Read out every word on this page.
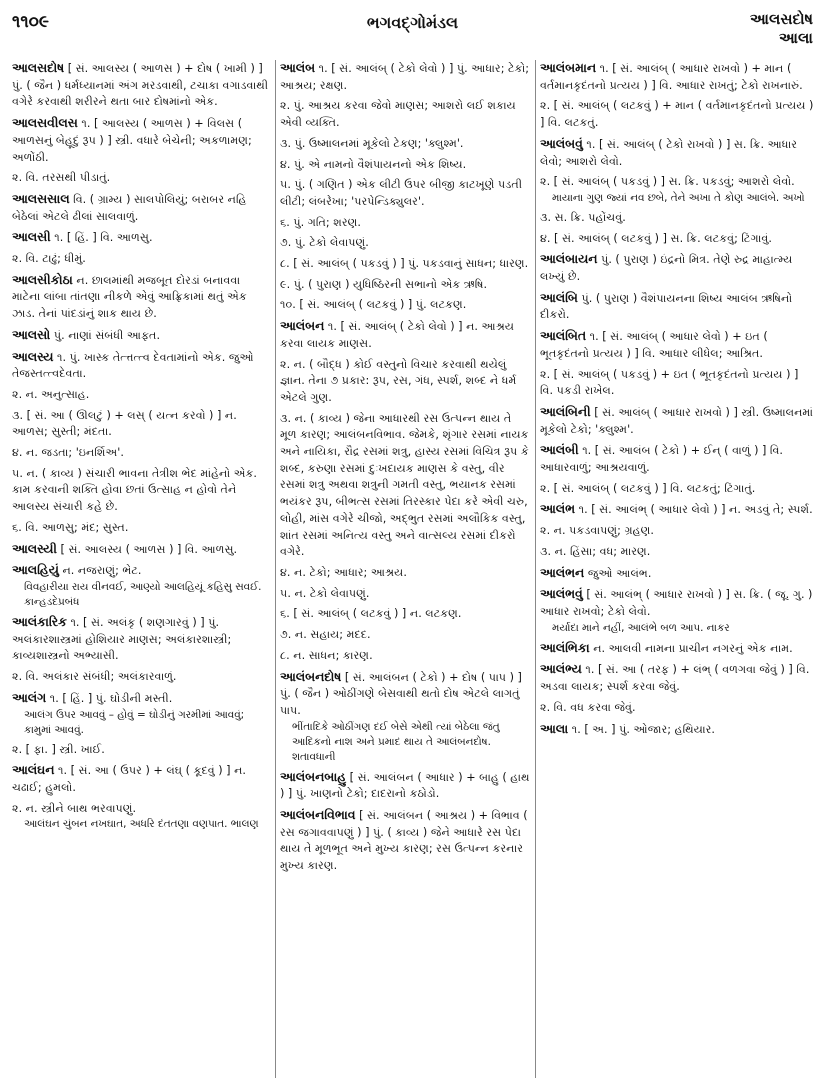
૧૧૦૯	ભગવદ્ગોમંડલ	આલસદોષ
આલા
આલસદોષ [ સં. આલસ્ય ( આળસ ) + દોષ ( ખામી ) ] પું. ( જૈન ) ધર્મધ્યાનમાં અંગ મરડવાથી, ટચાકા વગાડવાથી વગેરે કરવાથી શરીરને થતા બાર દોષમાંનો એક.
આલસવીલસ ૧. [ આલસ્ય ( આળસ ) + વિલસ ( આળસનું બેહૂદું રૂપ ) ] સ્ત્રી. વધારે બેચેની; અકળામણ; અળોંઠી.
૨. વિ. તરસથી પીડાતું.
આલસસાલ વિ. ( ગ્રામ્ય ) સાલપોલિયું; બરાબર નહિ બેઠેલાં એટલે ઢીલાં સાલવાળું.
આલસી ૧. [ હિં. ] વિ. આળસુ.
૨. વિ. ટાઢું; ધીમું.
આલસીકોઠા ન. છાલમાંથી મજબૂત દોરડાં બનાવવા માટેના લાંબા તાંતણા નીકળે એવું આફ્રિકામાં થતું એક ઝાડ. તેનાં પાંદડાંનું શાક થાય છે.
આલસો પું. નાણાં સંબંધી આફત.
આલસ્ય ૧. પું. ખાસ્ક તેત્ત્તત્ત્વ દેવતામાંનો એક. જુઓ તેજસ્તત્ત્વદેવતા.
૨. ન. અનુત્સાહ.
૩. [ સં. આ ( ઊલટું ) + લસ્ ( યત્ન કરવો ) ] ન. આળસ; સુસ્તી; મંદતા.
૪. ન. જડતા; 'ઇનર્શિઅ'.
૫. ન. ( કાવ્ય ) સંચારી ભાવના તેત્રીશ ભેદ માંહેનો એક. કામ કરવાની શક્તિ હોવા છતાં ઉત્સાહ ન હોવો તેને આલસ્ય સંચારી કહે છે.
૬. વિ. આળસુ; મંદ; સુસ્ત.
આલસ્યી [ સં. આલસ્ય ( આળસ ) ] વિ. આળસુ.
આલહિયું ન. નજરાણું; ભેટ.
વિવહારીયા રાય વીનવઈ, આણ્યો આલહિયૂં કહિસુ સવઈ. કાન્હડદેપ્રબંધ
આલંકારિક ૧. [ સં. અલંકૃ ( શણગારવું ) ] પું. અલંકારશાસ્ત્રમાં હોશિયાર માણસ; અલંકારશાસ્ત્રી; કાવ્યશાસ્ત્રનો અભ્યાસી.
૨. વિ. અલંકાર સંબંધી; અલંકારવાળું.
આલંગ ૧. [ હિં. ] પું. ઘોડીની મસ્તી.
આલંગ ઉપર આવવું – હોવું = ઘોડીનું ગરમીમાં આવવું; કામુમાં આવવું.
૨. [ ફા. ] સ્ત્રી. ખાઈ.
આલંઘન ૧. [ સં. આ ( ઉપર ) + લંઘ્ ( કૂદવું ) ] ન. ચઢાઈ; હુમલો.
૨. ન. સ્ત્રીને બાથ ભરવાપણું.
આલંઘન ચુંબન નખઘાત, અધરિ દંતતણા વણપાત. ભાલણ
આલંબ ૧. [ સં. આલંબ્ ( ટેકો લેવો ) ] પું. આધાર; ટેકો; આશ્રય; રક્ષણ.
૨. પું. આશ્રય કરવા જેવો માણસ; આશરો લઈ શકાય એવી વ્યક્તિ.
૩. પું. ઉષ્માલનમાં મૂકેલો ટેકણ; 'ક્લુશ્મ'.
૪. પું. એ નામનો વૈશંપાયનનો એક શિષ્ય.
૫. પું. ( ગણિત ) એક લીટી ઉપર બીજી કાટખૂણે પડતી લીટી; લંબરેખા; 'પરપેન્ડિક્યુલર'.
૬. પું. ગતિ; શરણ.
૭. પું. ટેકો લેવાપણું.
૮. [ સં. આલંબ્ ( પકડવું ) ] પું. પકડવાનું સાધન; ધારણ.
૯. પું. ( પુરાણ ) યુધિષ્ઠિરની સભાનો એક ઋષિ.
૧૦. [ સં. આલંબ્ ( લટકવું ) ] પું. લટકણ.
આલંબન ૧. [ સં. આલંબ્ ( ટેકો લેવો ) ] ન. આશ્રય કરવા લાયક માણસ.
૨. ન. ( બૌદ્ધ ) કોઈ વસ્તુનો વિચાર કરવાથી થયેલું જ્ઞાન. તેના ૭ પ્રકાર: રૂપ, રસ, ગંધ, સ્પર્શ, શબ્દ ને ધર્મ એટલે ગુણ.
૩. ન. ( કાવ્ય ) જેના આધારથી રસ ઉત્પન્ન થાય તે મૂળ કારણ; આલંબનવિભાવ. જેમકે, શૃંગાર રસમાં નાયક અને નાયિકા, રૌદ્ર રસમાં શત્રુ, હાસ્ય રસમાં વિચિત્ર રૂપ કે શબ્દ, કરુણા રસમાં દુઃખદાયક માણસ કે વસ્તુ, વીર રસમાં શત્રુ અથવા શત્રુની ગમતી વસ્તુ, ભયાનક રસમાં ભયંકર રૂપ, બીભત્સ રસમાં તિરસ્કાર પેદા કરે એવી ચરુ, લોહી, માંસ વગેરે ચીજો, અદ્ભુત રસમાં અલૌકિક વસ્તુ, શાંત રસમાં અનિત્ય વસ્તુ અને વાત્સલ્ય રસમાં દીકરો વગેરે.
૪. ન. ટેકો; આધાર; આશ્રય.
૫. ન. ટેકો લેવાપણું.
૬. [ સં. આલંબ્ ( લટકવું ) ] ન. લટકણ.
૭. ન. સહાય; મદદ.
૮. ન. સાધન; કારણ.
આલંબનદોષ [ સં. આલંબન ( ટેકો ) + દોષ ( પાપ ) ] પું. ( જૈન ) ઓઠીંગણે બેસવાથી થતો દોષ એટલે લાગતું પાપ.
ભીંતાદિકે ઓઠીંગણ દઈ બેસે એથી ત્યાં બેઠેલા જંતુ આદિકનો નાશ અને પ્રમાદ થાય તે આલંબનદોષ. શતાવધાની
આલંબનબાહુ [ સં. આલંબન ( આધાર ) + બાહુ ( હાથ ) ] પું. ખાણનો ટેકો; દાદરાનો કઠોડો.
આલંબનવિભાવ [ સં. આલંબન ( આશ્રય ) + વિભાવ ( રસ જગાવવાપણું ) ] પું. ( કાવ્ય ) જેને આધારે રસ પેદા થાય તે મૂળભૂત અને મુખ્ય કારણ; રસ ઉત્પન્ન કરનાર મુખ્ય કારણ.
આલંબમાન ૧. [ સં. આલંબ્ ( આધાર રાખવો ) + માન ( વર્તમાનકૃદંતનો પ્રત્યય ) ] વિ. આધાર રાખતું; ટેકો રાખનારું.
૨. [ સં. આલંબ્ ( લટકવું ) + માન ( વર્તમાનકૃદંતનો પ્રત્યય ) ] વિ. લટકતું.
આલંબવું ૧. [ સં. આલંબ્ ( ટેકો રાખવો ) ] સ. ક્રિ. આધાર લેવો; આશરો લેવો.
૨. [ સં. આલંબ્ ( પકડવું ) ] સ. ક્રિ. પકડવું; આશરો લેવો.
માયાના ગુણ જ્યાં નવ છબે, તેને અખા તે કોણ આલંબે. અખો
૩. સ. ક્રિ. પહોંચવું.
૪. [ સં. આલંબ્ ( લટકવું ) ] સ. ક્રિ. લટકવું; ટિંગાવું.
આલંબાયન પું. ( પુરાણ ) ઇંદ્રનો મિત્ર. તેણે રુદ્ર માહાત્મ્ય લખ્યું છે.
આલંબિ પું. ( પુરાણ ) વૈશંપાયનના શિષ્ય આલંબ ઋષિનો દીકરો.
આલંબિત ૧. [ સં. આલંબ્ ( આધાર લેવો ) + ઇત ( ભૂતકૃદંતનો પ્રત્યય ) ] વિ. આધાર લીધેલ; આશ્રિત.
૨. [ સં. આલંબ્ ( પકડવું ) + ઇત ( ભૂતકૃદંતનો પ્રત્યય ) ] વિ. પકડી રાખેલ.
આલંબિની [ સં. આલંબ્ ( આધાર રાખવો ) ] સ્ત્રી. ઉષ્માલનમાં મૂકેલો ટેકો; 'ક્લુશ્મ'.
આલંબી ૧. [ સં. આલંબ ( ટેકો ) + ઈન્ ( વાળું ) ] વિ. આધારવાળું; આશ્રયવાળું.
૨. [ સં. આલંબ્ ( લટકવું ) ] વિ. લટકતું; ટિંગાતું.
આલંભ ૧. [ સં. આલંભ્ ( આધાર લેવો ) ] ન. અડવું તે; સ્પર્શ.
૨. ન. પકડવાપણું; ગ્રહણ.
૩. ન. હિંસા; વધ; મારણ.
આલંભન જુઓ આલંભ.
આલંભવું [ સં. આલંભ્ ( આધાર રાખવો ) ] સ. ક્રિ. ( જૂ. ગુ. ) આધાર રાખવો; ટેકો લેવો.
મર્યાદા માને નહીં, આલંભે બળ આપ. નાકર
આલંભિકા ન. આલવી નામના પ્રાચીન નગરનું એક નામ.
આલંભ્ય ૧. [ સં. આ ( તરફ ) + લંભ્ ( વળગવા જેવું ) ] વિ. અડવા લાયક; સ્પર્શ કરવા જેવું.
૨. વિ. વધ કરવા જેવું.
આલા ૧. [ અ. ] પું. ઓજાર; હથિયાર.
